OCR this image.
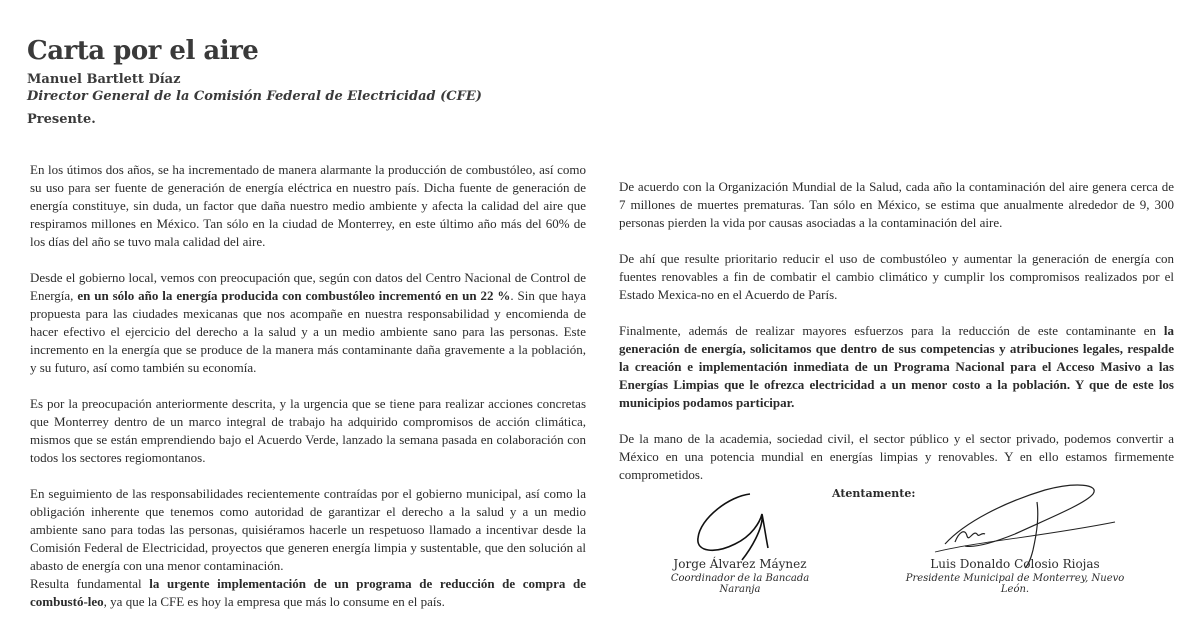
Carta por el aire
Manuel Bartlett Díaz
Director General de la Comisión Federal de Electricidad (CFE)
Presente.

En los útimos dos años, se ha incrementado de manera alarmante la producción de combustóleo, así como su uso para ser fuente de generación de energía eléctrica en nuestro país. Dicha fuente de generación de energía constituye, sin duda, un factor que daña nuestro medio ambiente y afecta la calidad del aire que respiramos millones en México. Tan sólo en la ciudad de Monterrey, en este último año más del 60% de los días del año se tuvo mala calidad del aire.

Desde el gobierno local, vemos con preocupación que, según con datos del Centro Nacional de Control de Energía, en un sólo año la energía producida con combustóleo incrementó en un 22 %. Sin que haya propuesta para las ciudades mexicanas que nos acompañe en nuestra responsabilidad y encomienda de hacer efectivo el ejercicio del derecho a la salud y a un medio ambiente sano para las personas. Este incremento en la energía que se produce de la manera más contaminante daña gravemente a la población, y su futuro, así como también su economía.

Es por la preocupación anteriormente descrita, y la urgencia que se tiene para realizar acciones concretas que Monterrey dentro de un marco integral de trabajo ha adquirido compromisos de acción climática, mismos que se están emprendiendo bajo el Acuerdo Verde, lanzado la semana pasada en colaboración con todos los sectores regiomontanos.

En seguimiento de las responsabilidades recientemente contraídas por el gobierno municipal, así como la obligación inherente que tenemos como autoridad de garantizar el derecho a la salud y a un medio ambiente sano para todas las personas, quisiéramos hacerle un respetuoso llamado a incentivar desde la Comisión Federal de Electricidad, proyectos que generen energía limpia y sustentable, que den solución al abasto de energía con una menor contaminación.

Resulta fundamental la urgente implementación de un programa de reducción de compra de combustó-leo, ya que la CFE es hoy la empresa que más lo consume en el país.

De acuerdo con la Organización Mundial de la Salud, cada año la contaminación del aire genera cerca de 7 millones de muertes prematuras. Tan sólo en México, se estima que anualmente alrededor de 9, 300 personas pierden la vida por causas asociadas a la contaminación del aire.

De ahí que resulte prioritario reducir el uso de combustóleo y aumentar la generación de energía con fuentes renovables a fin de combatir el cambio climático y cumplir los compromisos realizados por el Estado Mexica-no en el Acuerdo de París.

Finalmente, además de realizar mayores esfuerzos para la reducción de este contaminante en la generación de energía, solicitamos que dentro de sus competencias y atribuciones legales, respalde la creación e implementación inmediata de un Programa Nacional para el Acceso Masivo a las Energías Limpias que le ofrezca electricidad a un menor costo a la población. Y que de este los municipios podamos participar.

De la mano de la academia, sociedad civil, el sector público y el sector privado, podemos convertir a México en una potencia mundial en energías limpias y renovables. Y en ello estamos firmemente comprometidos.

Atentamente:
Jorge Álvarez Máynez
Coordinador de la Bancada Naranja
Luis Donaldo Colosio Riojas
Presidente Municipal de Monterrey, Nuevo León.
